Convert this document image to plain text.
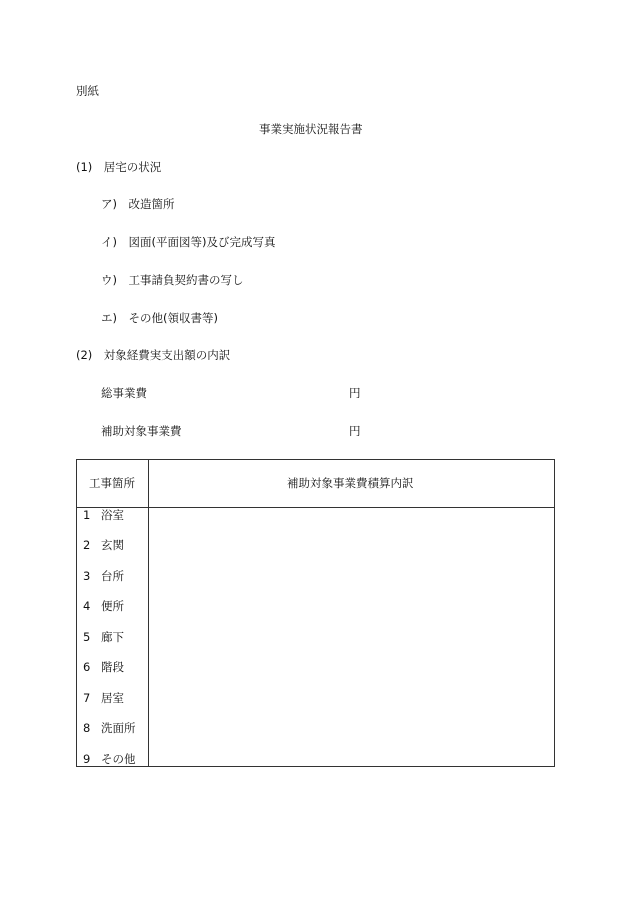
別紙
事業実施状況報告書
(1)　居宅の状況
ア)　改造箇所
イ)　図面(平面図等)及び完成写真
ウ)　工事請負契約書の写し
エ)　その他(領収書等)
(2)　対象経費実支出額の内訳
総事業費	円
補助対象事業費	円
工事箇所	補助対象事業費積算内訳
1 浴室
2 玄関
3 台所
4 便所
5 廊下
6 階段
7 居室
8 洗面所
9 その他
